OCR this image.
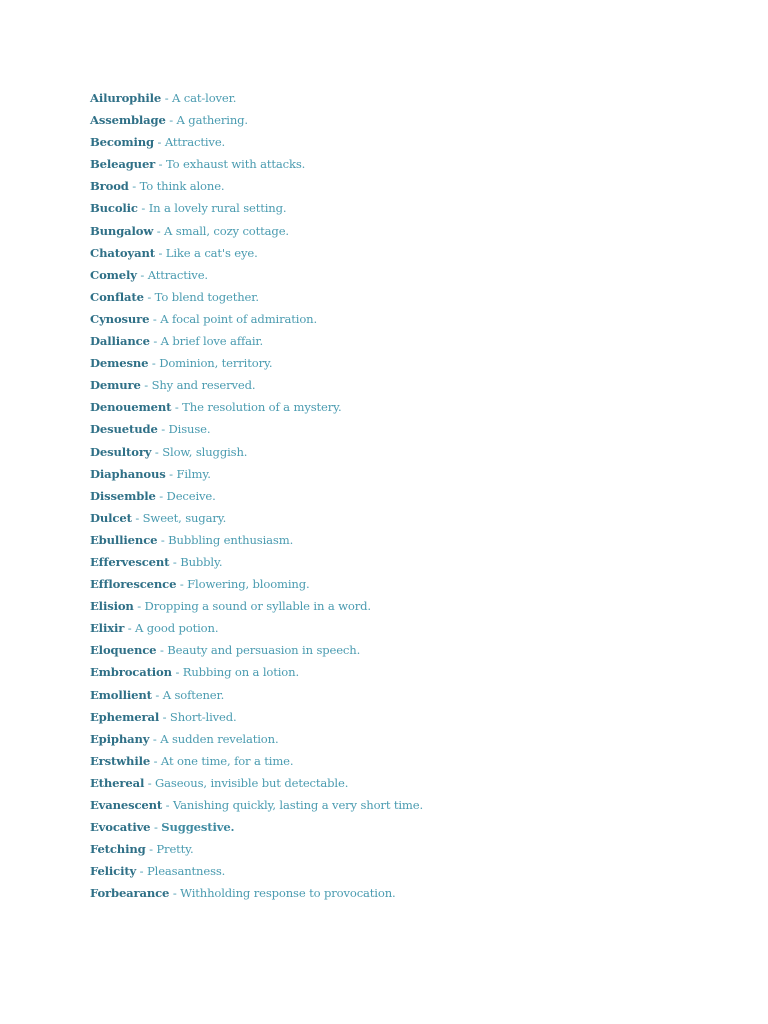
Ailurophile - A cat-lover.
Assemblage - A gathering.
Becoming - Attractive.
Beleaguer - To exhaust with attacks.
Brood - To think alone.
Bucolic - In a lovely rural setting.
Bungalow - A small, cozy cottage.
Chatoyant - Like a cat's eye.
Comely - Attractive.
Conflate - To blend together.
Cynosure - A focal point of admiration.
Dalliance - A brief love affair.
Demesne - Dominion, territory.
Demure - Shy and reserved.
Denouement - The resolution of a mystery.
Desuetude - Disuse.
Desultory - Slow, sluggish.
Diaphanous - Filmy.
Dissemble - Deceive.
Dulcet - Sweet, sugary.
Ebullience - Bubbling enthusiasm.
Effervescent - Bubbly.
Efflorescence - Flowering, blooming.
Elision - Dropping a sound or syllable in a word.
Elixir - A good potion.
Eloquence - Beauty and persuasion in speech.
Embrocation - Rubbing on a lotion.
Emollient - A softener.
Ephemeral - Short-lived.
Epiphany - A sudden revelation.
Erstwhile - At one time, for a time.
Ethereal - Gaseous, invisible but detectable.
Evanescent - Vanishing quickly, lasting a very short time.
Evocative - Suggestive.
Fetching - Pretty.
Felicity - Pleasantness.
Forbearance - Withholding response to provocation.
